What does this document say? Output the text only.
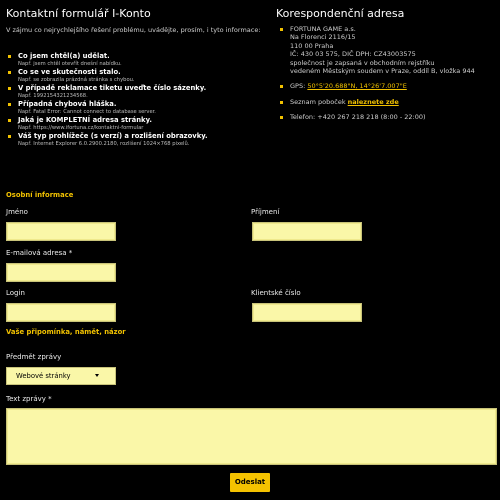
Kontaktní formulář I-Konto
V zájmu co nejrychlejšího řešení problému, uvádějte, prosím, i tyto informace:
Co jsem chtěl(a) udělat.
Např. jsem chtěl otevřít dnešní nabídku.
Co se ve skutečnosti stalo.
Např. se zobrazila prázdná stránka s chybou.
V případě reklamace tiketu uveďte číslo sázenky.
Např. 1992154321234568.
Případná chybová hláška.
Např. Fatal Error: Cannot connect to database server.
Jaká je KOMPLETNÍ adresa stránky.
Např. https://www.ifortuna.cz/kontaktni-formular
Váš typ prohlížeče (s verzí) a rozlišení obrazovky.
Např. Internet Explorer 6.0.2900.2180, rozlišení 1024×768 pixelů.
Korespondenční adresa
FORTUNA GAME a.s.
Na Florenci 2116/15
110 00 Praha
IČ: 430 03 575, DIČ DPH: CZ43003575
společnost je zapsaná v obchodním rejstříku
vedeném Městským soudem v Praze, oddíl B, vložka 944
GPS: 50°5'20.688"N, 14°26'7.007"E
Seznam poboček naleznete zde
Telefon: +420 267 218 218 (8:00 - 22:00)
Osobní informace
Jméno	Příjmení
E-mailová adresa *
Login	Klientské číslo
Vaše připomínka, námět, názor
Předmět zprávy
Webové stránky
Text zprávy *
Odeslat
